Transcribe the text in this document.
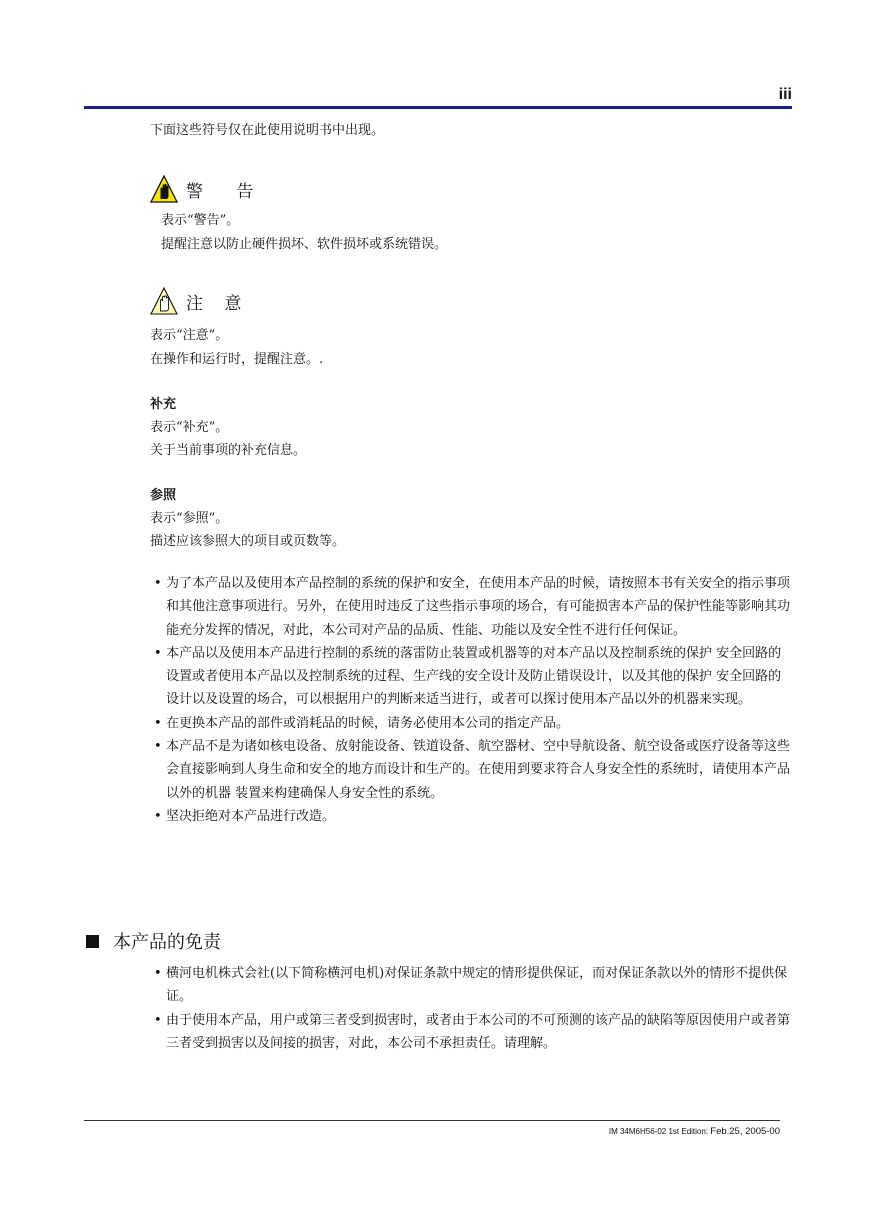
iii
下面这些符号仅在此使用说明书中出现。
警 告
表示“警告”。
提醒注意以防止硬件损坏、软件损坏或系统错误。
注 意
表示“注意”。
在操作和运行时，提醒注意。.
补充
表示“补充”。
关于当前事项的补充信息。
参照
表示“参照”。
描述应该参照大的项目或页数等。
• 为了本产品以及使用本产品控制的系统的保护和安全，在使用本产品的时候，请按照本书有关安全的指示事项和其他注意事项进行。另外，在使用时违反了这些指示事项的场合，有可能损害本产品的保护性能等影响其功能充分发挥的情况，对此，本公司对产品的品质、性能、功能以及安全性不进行任何保证。
• 本产品以及使用本产品进行控制的系统的落雷防止装置或机器等的对本产品以及控制系统的保护 安全回路的设置或者使用本产品以及控制系统的过程、生产线的安全设计及防止错误设计，以及其他的保护 安全回路的设计以及设置的场合，可以根据用户的判断来适当进行，或者可以探讨使用本产品以外的机器来实现。
• 在更换本产品的部件或消耗品的时候，请务必使用本公司的指定产品。
• 本产品不是为诸如核电设备、放射能设备、铁道设备、航空器材、空中导航设备、航空设备或医疗设备等这些会直接影响到人身生命和安全的地方而设计和生产的。在使用到要求符合人身安全性的系统时，请使用本产品以外的机器 装置来构建确保人身安全性的系统。
• 坚决拒绝对本产品进行改造。
本产品的免责
• 横河电机株式会社(以下简称横河电机)对保证条款中规定的情形提供保证，而对保证条款以外的情形不提供保证。
• 由于使用本产品，用户或第三者受到损害时，或者由于本公司的不可预测的该产品的缺陷等原因使用户或者第三者受到损害以及间接的损害，对此，本公司不承担责任。请理解。
IM 34M6H56-02 1st Edition: Feb.25, 2005-00
